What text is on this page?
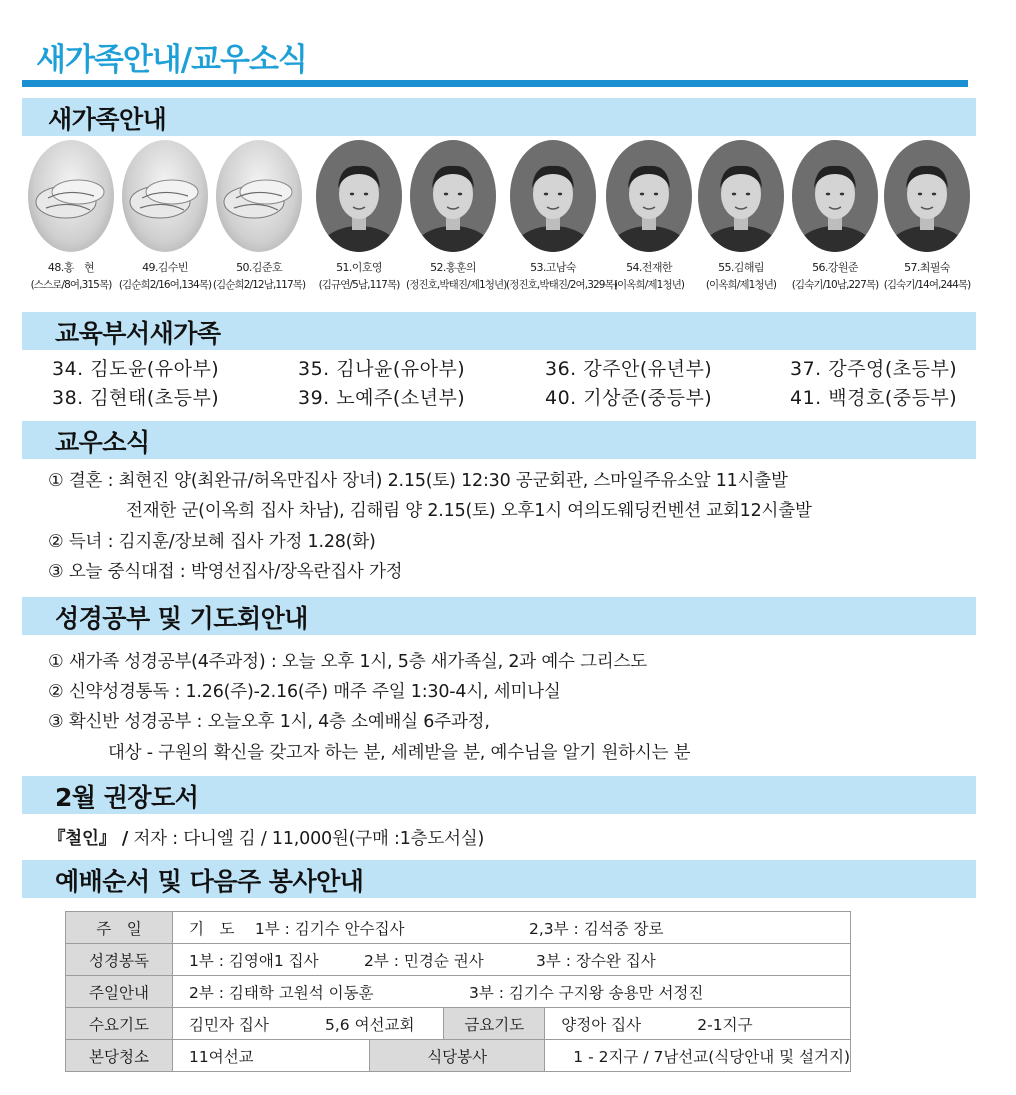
새가족안내/교우소식
새가족안내
48.홍　현
(스스로/8여,315목)
49.김수빈
(김순희2/16여,134목)
50.김준호
(김순희2/12남,117목)
51.이호영
(김규연/5남,117목)
52.홍훈의
(정진호,박태진/제1청년)
53.고남숙
(정진호,박태진/2여,329목)
54.전재한
(이옥희/제1청년)
55.김해림
(이옥희/제1청년)
56.강원준
(김숙기/10남,227목)
57.최필숙
(김숙기/14여,244목)
교육부서새가족
34. 김도윤(유아부)	35. 김나윤(유아부)	36. 강주안(유년부)	37. 강주영(초등부)
38. 김현태(초등부)	39. 노예주(소년부)	40. 기상준(중등부)	41. 백경호(중등부)
교우소식
① 결혼 : 최현진 양(최완규/허옥만집사 장녀) 2.15(토) 12:30 공군회관, 스마일주유소앞 11시출발
전재한 군(이옥희 집사 차남), 김해림 양 2.15(토) 오후1시 여의도웨딩컨벤션 교회12시출발
② 득녀 : 김지훈/장보혜 집사 가정 1.28(화)
③ 오늘 중식대접 : 박영선집사/장옥란집사 가정
성경공부 및 기도회안내
① 새가족 성경공부(4주과정) : 오늘 오후 1시, 5층 새가족실, 2과 예수 그리스도
② 신약성경통독 : 1.26(주)-2.16(주) 매주 주일 1:30-4시, 세미나실
③ 확신반 성경공부 : 오늘오후 1시, 4층 소예배실 6주과정,
대상 - 구원의 확신을 갖고자 하는 분, 세례받을 분, 예수님을 알기 원하시는 분
2월 권장도서
『철인』 / 저자 : 다니엘 김 / 11,000원(구매 :1층도서실)
예배순서 및 다음주 봉사안내
주　일	기　도　 1부 : 김기수 안수집사 2,3부 : 김석중 장로			
성경봉독	1부 : 김영애1 집사 2부 : 민경순 권사 3부 : 장수완 집사			
주일안내	2부 : 김태학 고원석 이동훈 3부 : 김기수 구지왕 송용만 서정진			
수요기도	김민자 집사 5,6 여선교회		금요기도	양정아 집사 2-1지구
본당청소	11여선교	식당봉사		1 - 2지구 / 7남선교(식당안내 및 설거지)
